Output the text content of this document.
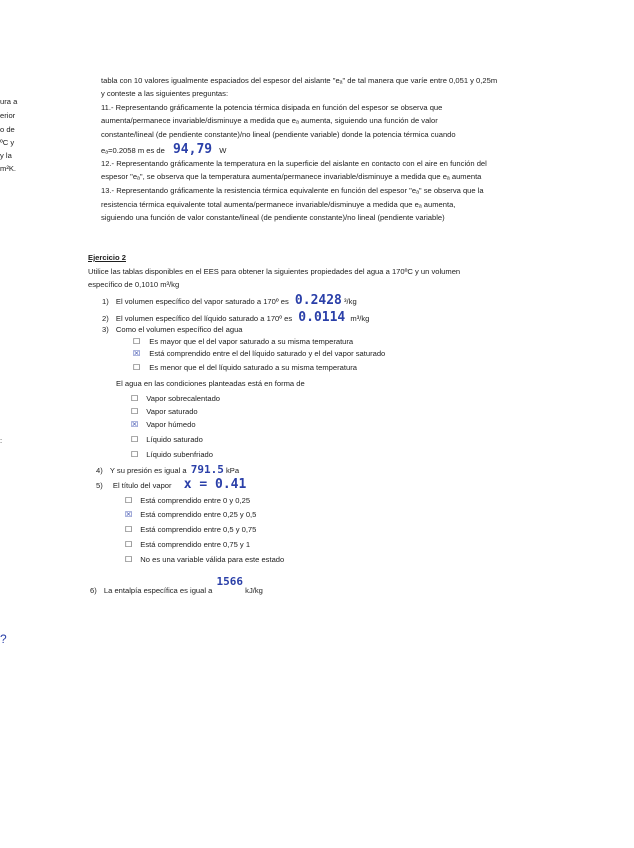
ura a
erior
o de
ºC y
y la
m²K.
:
?
tabla con 10 valores igualmente espaciados del espesor del aislante "eₐ" de tal manera que varíe entre 0,051 y 0,25m
y conteste a las siguientes preguntas:
11.- Representando gráficamente la potencia térmica disipada en función del espesor se observa que
aumenta/permanece invariable/disminuye a medida que eₐ aumenta, siguiendo una función de valor
constante/lineal (de pendiente constante)/no lineal (pendiente variable) donde la potencia térmica cuando
eₐ=0.2058 m es de 94,79 W
12.- Representando gráficamente la temperatura en la superficie del aislante en contacto con el aire en función del
espesor "eₐ", se observa que la temperatura aumenta/permanece invariable/disminuye a medida que eₐ aumenta
13.- Representando gráficamente la resistencia térmica equivalente en función del espesor "eₐ" se observa que la
resistencia térmica equivalente total aumenta/permanece invariable/disminuye a medida que eₐ aumenta,
siguiendo una función de valor constante/lineal (de pendiente constante)/no lineal (pendiente variable)
Ejercicio 2
Utilice las tablas disponibles en el EES para obtener la siguientes propiedades del agua a 170ºC y un volumen
específico de 0,1010 m³/kg
1) El volumen específico del vapor saturado a 170º es 0.2428 ³/kg
2) El volumen específico del líquido saturado a 170º es 0.0114 m³/kg
3) Como el volumen específico del agua
☐ Es mayor que el del vapor saturado a su misma temperatura
☒ Está comprendido entre el del líquido saturado y el del vapor saturado
☐ Es menor que el del líquido saturado a su misma temperatura
El agua en las condiciones planteadas está en forma de
☐ Vapor sobrecalentado
☐ Vapor saturado
☒ Vapor húmedo
☐ Líquido saturado
☐ Líquido subenfriado
4) Y su presión es igual a 791.5 kPa
5) El título del vapor x = 0.41
☐ Está comprendido entre 0 y 0,25
☒ Está comprendido entre 0,25 y 0,5
☐ Está comprendido entre 0,5 y 0,75
☐ Está comprendido entre 0,75 y 1
☐ No es una variable válida para este estado
6) La entalpía específica es igual a 1566 kJ/kg
